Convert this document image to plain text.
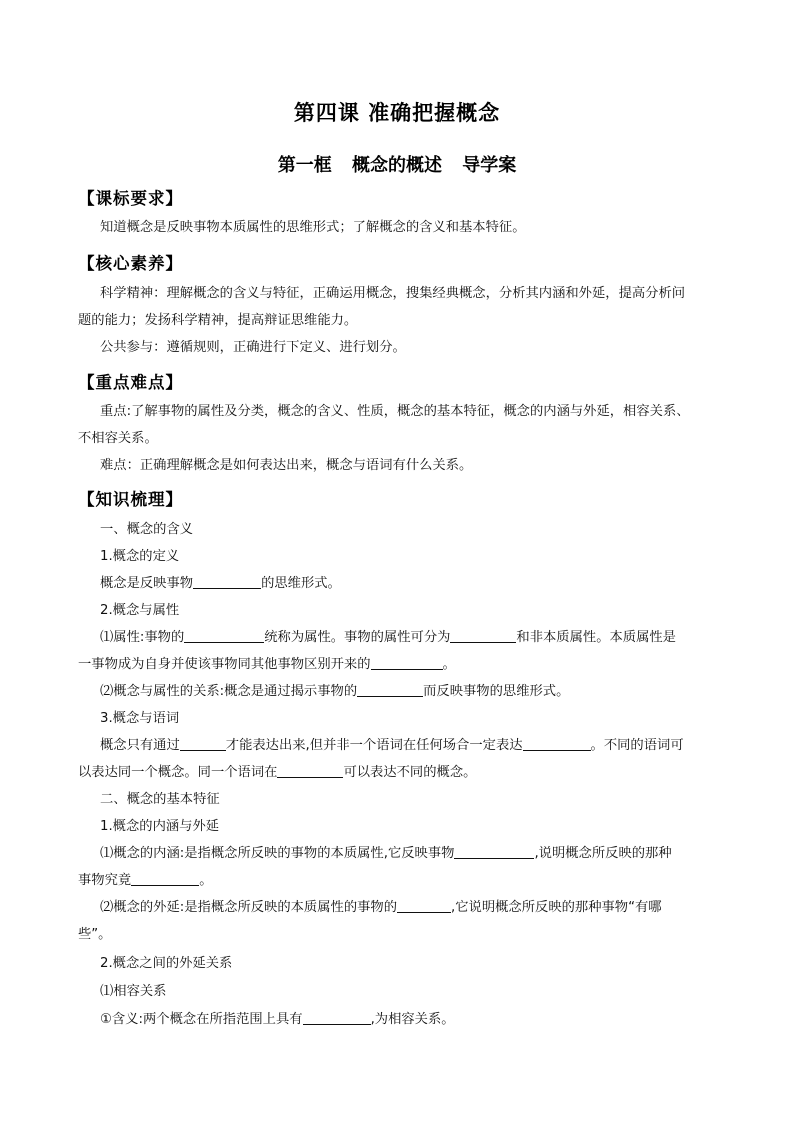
第四课 准确把握概念
第一框 概念的概述 导学案
【课标要求】
知道概念是反映事物本质属性的思维形式；了解概念的含义和基本特征。
【核心素养】
科学精神：理解概念的含义与特征，正确运用概念，搜集经典概念，分析其内涵和外延，提高分析问
题的能力；发扬科学精神，提高辩证思维能力。
公共参与：遵循规则，正确进行下定义、进行划分。
【重点难点】
重点:了解事物的属性及分类，概念的含义、性质，概念的基本特征，概念的内涵与外延，相容关系、
不相容关系。
难点：正确理解概念是如何表达出来，概念与语词有什么关系。
【知识梳理】
一、概念的含义
1.概念的定义
概念是反映事物	的思维形式。
2.概念与属性
⑴属性:事物的	统称为属性。事物的属性可分为	和非本质属性。本质属性是
一事物成为自身并使该事物同其他事物区别开来的	。
⑵概念与属性的关系:概念是通过揭示事物的	而反映事物的思维形式。
3.概念与语词
概念只有通过	才能表达出来,但并非一个语词在任何场合一定表达	。不同的语词可
以表达同一个概念。同一个语词在	可以表达不同的概念。
二、概念的基本特征
1.概念的内涵与外延
⑴概念的内涵:是指概念所反映的事物的本质属性,它反映事物	,说明概念所反映的那种
事物究竟	。
⑵概念的外延:是指概念所反映的本质属性的事物的	,它说明概念所反映的那种事物“有哪
些”。
2.概念之间的外延关系
⑴相容关系
①含义:两个概念在所指范围上具有	,为相容关系。
